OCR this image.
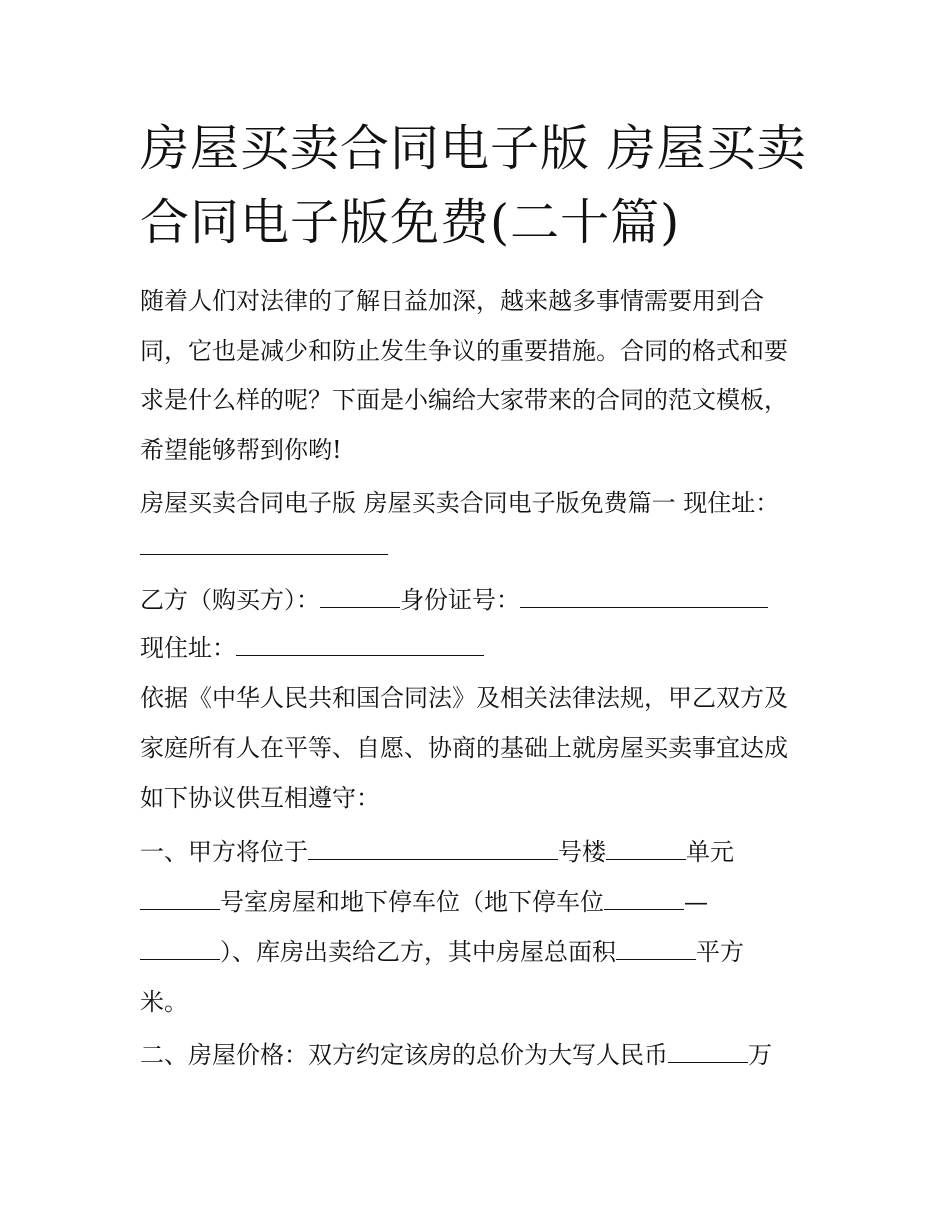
房屋买卖合同电子版 房屋买卖
合同电子版免费(二十篇)
随着人们对法律的了解日益加深，越来越多事情需要用到合
同，它也是减少和防止发生争议的重要措施。合同的格式和要
求是什么样的呢？下面是小编给大家带来的合同的范文模板，
希望能够帮到你哟!
房屋买卖合同电子版 房屋买卖合同电子版免费篇一 现住址：
乙方（购买方）：	身份证号：
现住址：
依据《中华人民共和国合同法》及相关法律法规，甲乙双方及
家庭所有人在平等、自愿、协商的基础上就房屋买卖事宜达成
如下协议供互相遵守：
一、甲方将位于	号楼	单元
号室房屋和地下停车位（地下停车位	—
）、库房出卖给乙方，其中房屋总面积	平方
米。
二、房屋价格：双方约定该房的总价为大写人民币	万
